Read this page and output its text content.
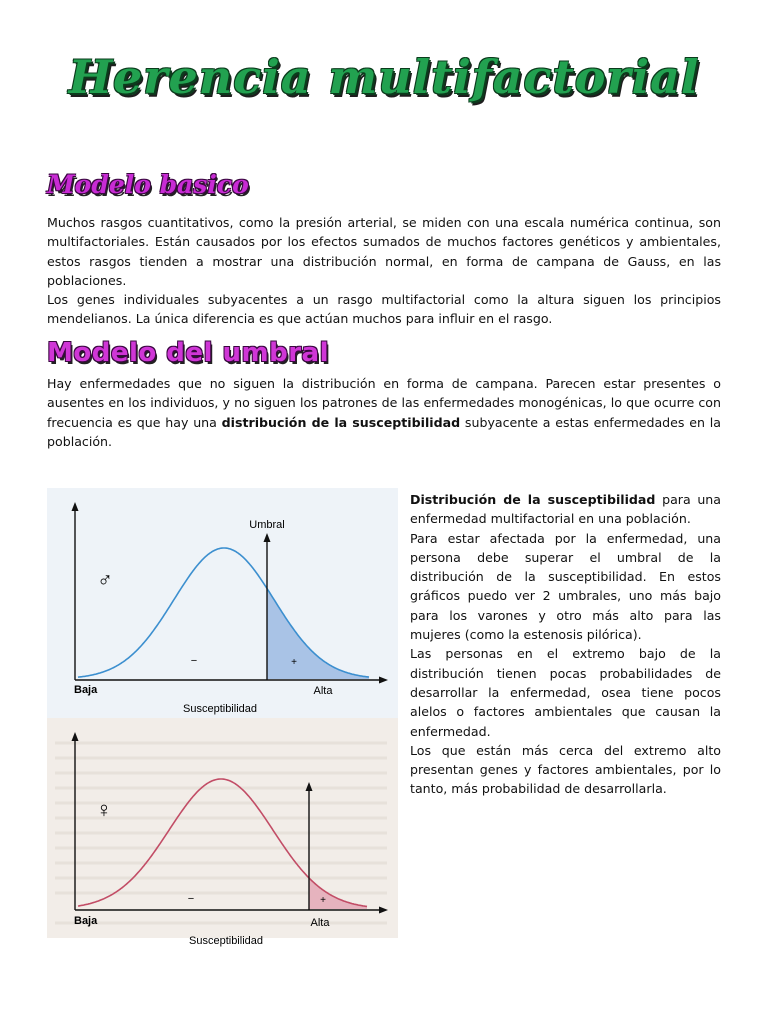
Herencia multifactorial
Modelo basico
Muchos rasgos cuantitativos, como la presión arterial, se miden con una escala numérica continua, son multifactoriales. Están causados por los efectos sumados de muchos factores genéticos y ambientales, estos rasgos tienden a mostrar una distribución normal, en forma de campana de Gauss, en las poblaciones.
Los genes individuales subyacentes a un rasgo multifactorial como la altura siguen los principios mendelianos. La única diferencia es que actúan muchos para influir en el rasgo.
Modelo del umbral

Hay enfermedades que no siguen la distribución en forma de campana. Parecen estar presentes o ausentes en los individuos, y no siguen los patrones de las enfermedades monogénicas, lo que ocurre con frecuencia es que hay una distribución de la susceptibilidad subyacente a estas enfermedades en la población.

Umbral
♂
−	+
Baja	Alta
Susceptibilidad
♀
−	+
Baja	Alta
Susceptibilidad

Distribución de la susceptibilidad para una enfermedad multifactorial en una población.

Para estar afectada por la enfermedad, una persona debe superar el umbral de la distribución de la susceptibilidad. En estos gráficos puedo ver 2 umbrales, uno más bajo para los varones y otro más alto para las mujeres (como la estenosis pilórica).

Las personas en el extremo bajo de la distribución tienen pocas probabilidades de desarrollar la enfermedad, osea tiene pocos alelos o factores ambientales que causan la enfermedad.

Los que están más cerca del extremo alto presentan genes y factores ambientales, por lo tanto, más probabilidad de desarrollarla.
